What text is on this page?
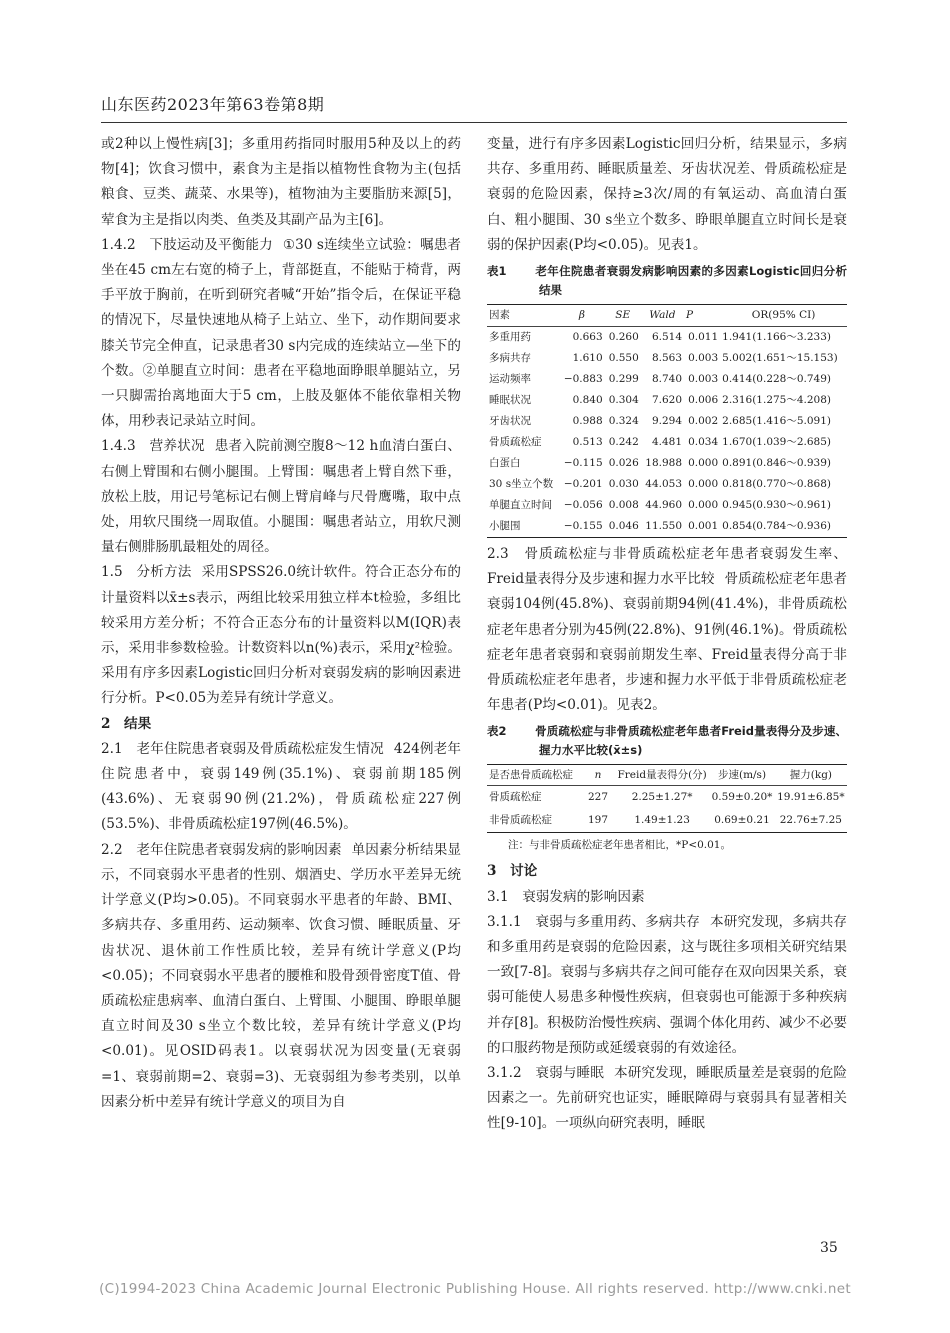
山东医药2023年第63卷第8期

或2种以上慢性病[3]；多重用药指同时服用5种及以上的药物[4]；饮食习惯中，素食为主是指以植物性食物为主(包括粮食、豆类、蔬菜、水果等)，植物油为主要脂肪来源[5]，荤食为主是指以肉类、鱼类及其副产品为主[6]。

1.4.2　下肢运动及平衡能力 ①30 s连续坐立试验：嘱患者坐在45 cm左右宽的椅子上，背部挺直，不能贴于椅背，两手平放于胸前，在听到研究者喊“开始”指令后，在保证平稳的情况下，尽量快速地从椅子上站立、坐下，动作期间要求膝关节完全伸直，记录患者30 s内完成的连续站立—坐下的个数。②单腿直立时间：患者在平稳地面睁眼单腿站立，另一只脚需抬离地面大于5 cm，上肢及躯体不能依靠相关物体，用秒表记录站立时间。

1.4.3　营养状况 患者入院前测空腹8～12 h血清白蛋白、右侧上臂围和右侧小腿围。上臂围：嘱患者上臂自然下垂，放松上肢，用记号笔标记右侧上臂肩峰与尺骨鹰嘴，取中点处，用软尺围绕一周取值。小腿围：嘱患者站立，用软尺测量右侧腓肠肌最粗处的周径。

1.5　分析方法 采用SPSS26.0统计软件。符合正态分布的计量资料以x̄±s表示，两组比较采用独立样本t检验，多组比较采用方差分析；不符合正态分布的计量资料以M(IQR)表示，采用非参数检验。计数资料以n(%)表示，采用χ²检验。采用有序多因素Logistic回归分析对衰弱发病的影响因素进行分析。P<0.05为差异有统计学意义。

2　结果

2.1　老年住院患者衰弱及骨质疏松症发生情况 424例老年住院患者中，衰弱149例(35.1%)、衰弱前期185例(43.6%)、无衰弱90例(21.2%)，骨质疏松症227例(53.5%)、非骨质疏松症197例(46.5%)。

2.2　老年住院患者衰弱发病的影响因素 单因素分析结果显示，不同衰弱水平患者的性别、烟酒史、学历水平差异无统计学意义(P均>0.05)。不同衰弱水平患者的年龄、BMI、多病共存、多重用药、运动频率、饮食习惯、睡眠质量、牙齿状况、退休前工作性质比较，差异有统计学意义(P均<0.05)；不同衰弱水平患者的腰椎和股骨颈骨密度T值、骨质疏松症患病率、血清白蛋白、上臂围、小腿围、睁眼单腿直立时间及30 s坐立个数比较，差异有统计学意义(P均<0.01)。见OSID码表1。以衰弱状况为因变量(无衰弱=1、衰弱前期=2、衰弱=3)、无衰弱组为参考类别，以单因素分析中差异有统计学意义的项目为自

变量，进行有序多因素Logistic回归分析，结果显示，多病共存、多重用药、睡眠质量差、牙齿状况差、骨质疏松症是衰弱的危险因素，保持≥3次/周的有氧运动、高血清白蛋白、粗小腿围、30 s坐立个数多、睁眼单腿直立时间长是衰弱的保护因素(P均<0.05)。见表1。

表1 老年住院患者衰弱发病影响因素的多因素Logistic回归分析结果
因素	β	SE	Wald	P	OR(95% CI)
多重用药	0.663	0.260	6.514	0.011	1.941(1.166～3.233)
多病共存	1.610	0.550	8.563	0.003	5.002(1.651～15.153)
运动频率	−0.883	0.299	8.740	0.003	0.414(0.228～0.749)
睡眠状况	0.840	0.304	7.620	0.006	2.316(1.275～4.208)
牙齿状况	0.988	0.324	9.294	0.002	2.685(1.416～5.091)
骨质疏松症	0.513	0.242	4.481	0.034	1.670(1.039～2.685)
白蛋白	−0.115	0.026	18.988	0.000	0.891(0.846～0.939)
30 s坐立个数	−0.201	0.030	44.053	0.000	0.818(0.770～0.868)
单腿直立时间	−0.056	0.008	44.960	0.000	0.945(0.930～0.961)
小腿围	−0.155	0.046	11.550	0.001	0.854(0.784～0.936)

2.3　骨质疏松症与非骨质疏松症老年患者衰弱发生率、Freid量表得分及步速和握力水平比较 骨质疏松症老年患者衰弱104例(45.8%)、衰弱前期94例(41.4%)，非骨质疏松症老年患者分别为45例(22.8%)、91例(46.1%)。骨质疏松症老年患者衰弱和衰弱前期发生率、Freid量表得分高于非骨质疏松症老年患者，步速和握力水平低于非骨质疏松症老年患者(P均<0.01)。见表2。

表2 骨质疏松症与非骨质疏松症老年患者Freid量表得分及步速、握力水平比较(x̄±s)
是否患骨质疏松症	n	Freid量表得分(分)	步速(m/s)	握力(kg)
骨质疏松症	227	2.25±1.27*	0.59±0.20*	19.91±6.85*
非骨质疏松症	197	1.49±1.23	0.69±0.21	22.76±7.25
注：与非骨质疏松症老年患者相比，*P<0.01。

3　讨论

3.1　衰弱发病的影响因素

3.1.1　衰弱与多重用药、多病共存 本研究发现，多病共存和多重用药是衰弱的危险因素，这与既往多项相关研究结果一致[7-8]。衰弱与多病共存之间可能存在双向因果关系，衰弱可能使人易患多种慢性疾病，但衰弱也可能源于多种疾病并存[8]。积极防治慢性疾病、强调个体化用药、减少不必要的口服药物是预防或延缓衰弱的有效途径。

3.1.2　衰弱与睡眠 本研究发现，睡眠质量差是衰弱的危险因素之一。先前研究也证实，睡眠障碍与衰弱具有显著相关性[9-10]。一项纵向研究表明，睡眠

35
(C)1994-2023 China Academic Journal Electronic Publishing House. All rights reserved. http://www.cnki.net
